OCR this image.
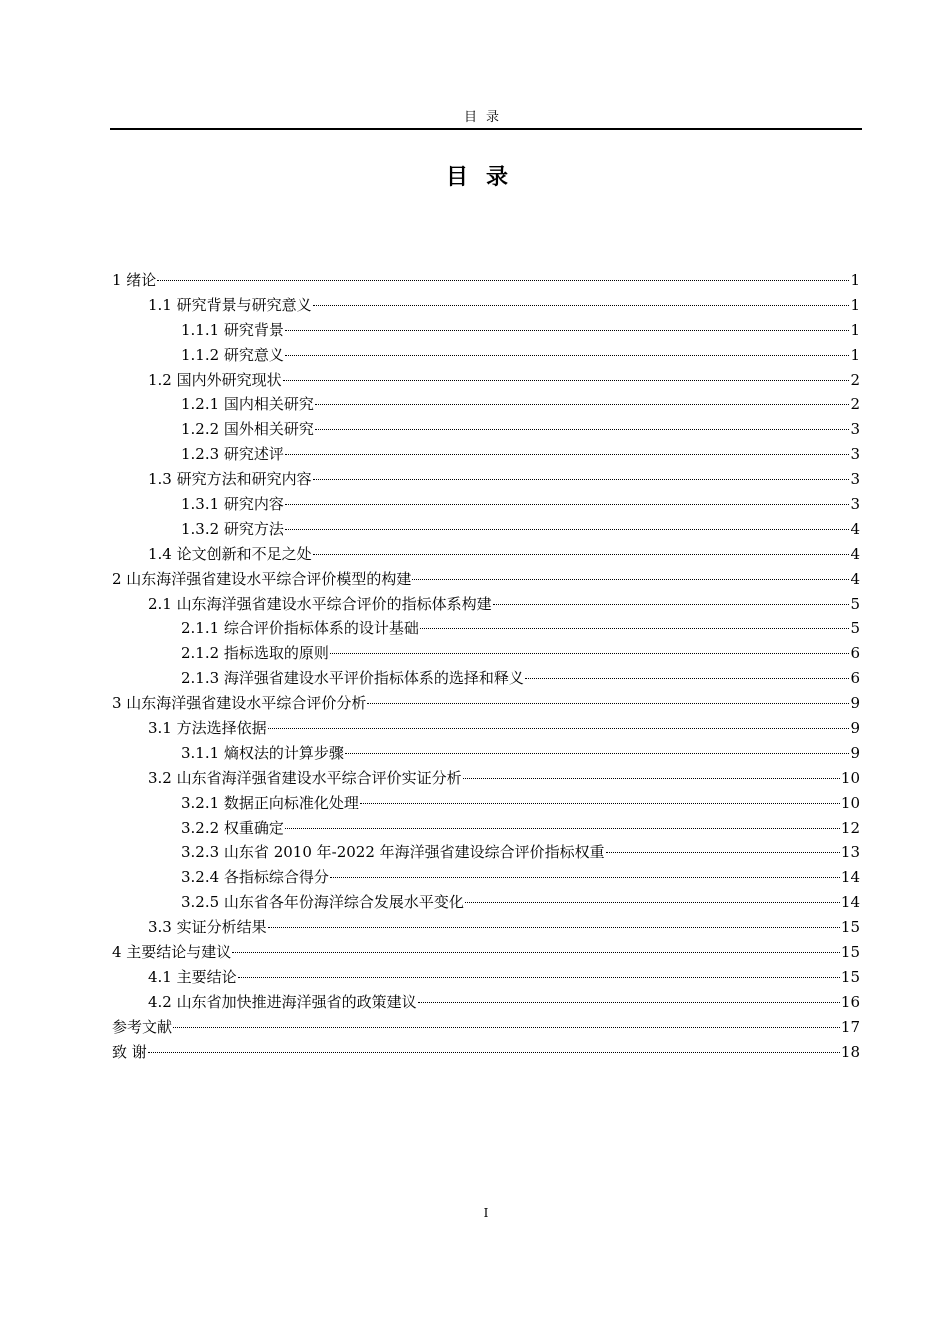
目录
目录
1 绪论	1
1.1 研究背景与研究意义	1
1.1.1 研究背景	1
1.1.2 研究意义	1
1.2 国内外研究现状	2
1.2.1 国内相关研究	2
1.2.2 国外相关研究	3
1.2.3 研究述评	3
1.3 研究方法和研究内容	3
1.3.1 研究内容	3
1.3.2 研究方法	4
1.4 论文创新和不足之处	4
2 山东海洋强省建设水平综合评价模型的构建	4
2.1 山东海洋强省建设水平综合评价的指标体系构建	5
2.1.1 综合评价指标体系的设计基础	5
2.1.2 指标选取的原则	6
2.1.3 海洋强省建设水平评价指标体系的选择和释义	6
3 山东海洋强省建设水平综合评价分析	9
3.1 方法选择依据	9
3.1.1 熵权法的计算步骤	9
3.2 山东省海洋强省建设水平综合评价实证分析	10
3.2.1 数据正向标准化处理	10
3.2.2 权重确定	12
3.2.3 山东省 2010 年-2022 年海洋强省建设综合评价指标权重	13
3.2.4 各指标综合得分	14
3.2.5 山东省各年份海洋综合发展水平变化	14
3.3 实证分析结果	15
4 主要结论与建议	15
4.1 主要结论	15
4.2 山东省加快推进海洋强省的政策建议	16
参考文献	17
致 谢	18
I
